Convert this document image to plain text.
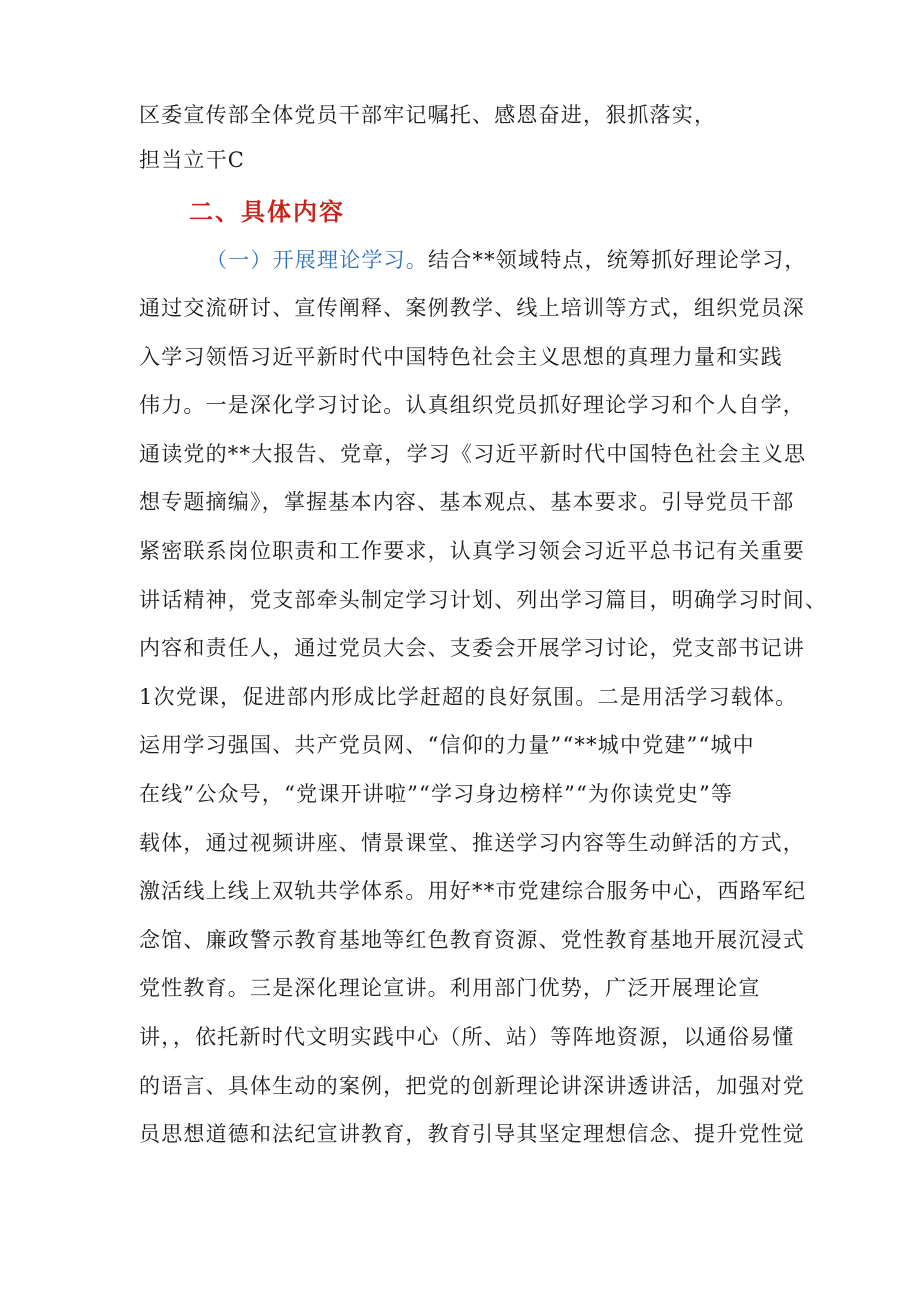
区委宣传部全体党员干部牢记嘱托、感恩奋进，狠抓落实，
担当立干C
二、具体内容
（一）开展理论学习。结合**领域特点，统筹抓好理论学习，
通过交流研讨、宣传阐释、案例教学、线上培训等方式，组织党员深
入学习领悟习近平新时代中国特色社会主义思想的真理力量和实践
伟力。一是深化学习讨论。认真组织党员抓好理论学习和个人自学，
通读党的**大报告、党章，学习《习近平新时代中国特色社会主义思
想专题摘编》，掌握基本内容、基本观点、基本要求。引导党员干部
紧密联系岗位职责和工作要求，认真学习领会习近平总书记有关重要
讲话精神，党支部牵头制定学习计划、列出学习篇目，明确学习时间、
内容和责任人，通过党员大会、支委会开展学习讨论，党支部书记讲
1次党课，促进部内形成比学赶超的良好氛围。二是用活学习载体。
运用学习强国、共产党员网、“信仰的力量”“**城中党建”“城中
在线”公众号，“党课开讲啦”“学习身边榜样”“为你读党史”等
载体，通过视频讲座、情景课堂、推送学习内容等生动鲜活的方式，
激活线上线上双轨共学体系。用好**市党建综合服务中心，西路军纪
念馆、廉政警示教育基地等红色教育资源、党性教育基地开展沉浸式
党性教育。三是深化理论宣讲。利用部门优势，广泛开展理论宣
讲，，依托新时代文明实践中心（所、站）等阵地资源，以通俗易懂
的语言、具体生动的案例，把党的创新理论讲深讲透讲活，加强对党
员思想道德和法纪宣讲教育，教育引导其坚定理想信念、提升党性觉
